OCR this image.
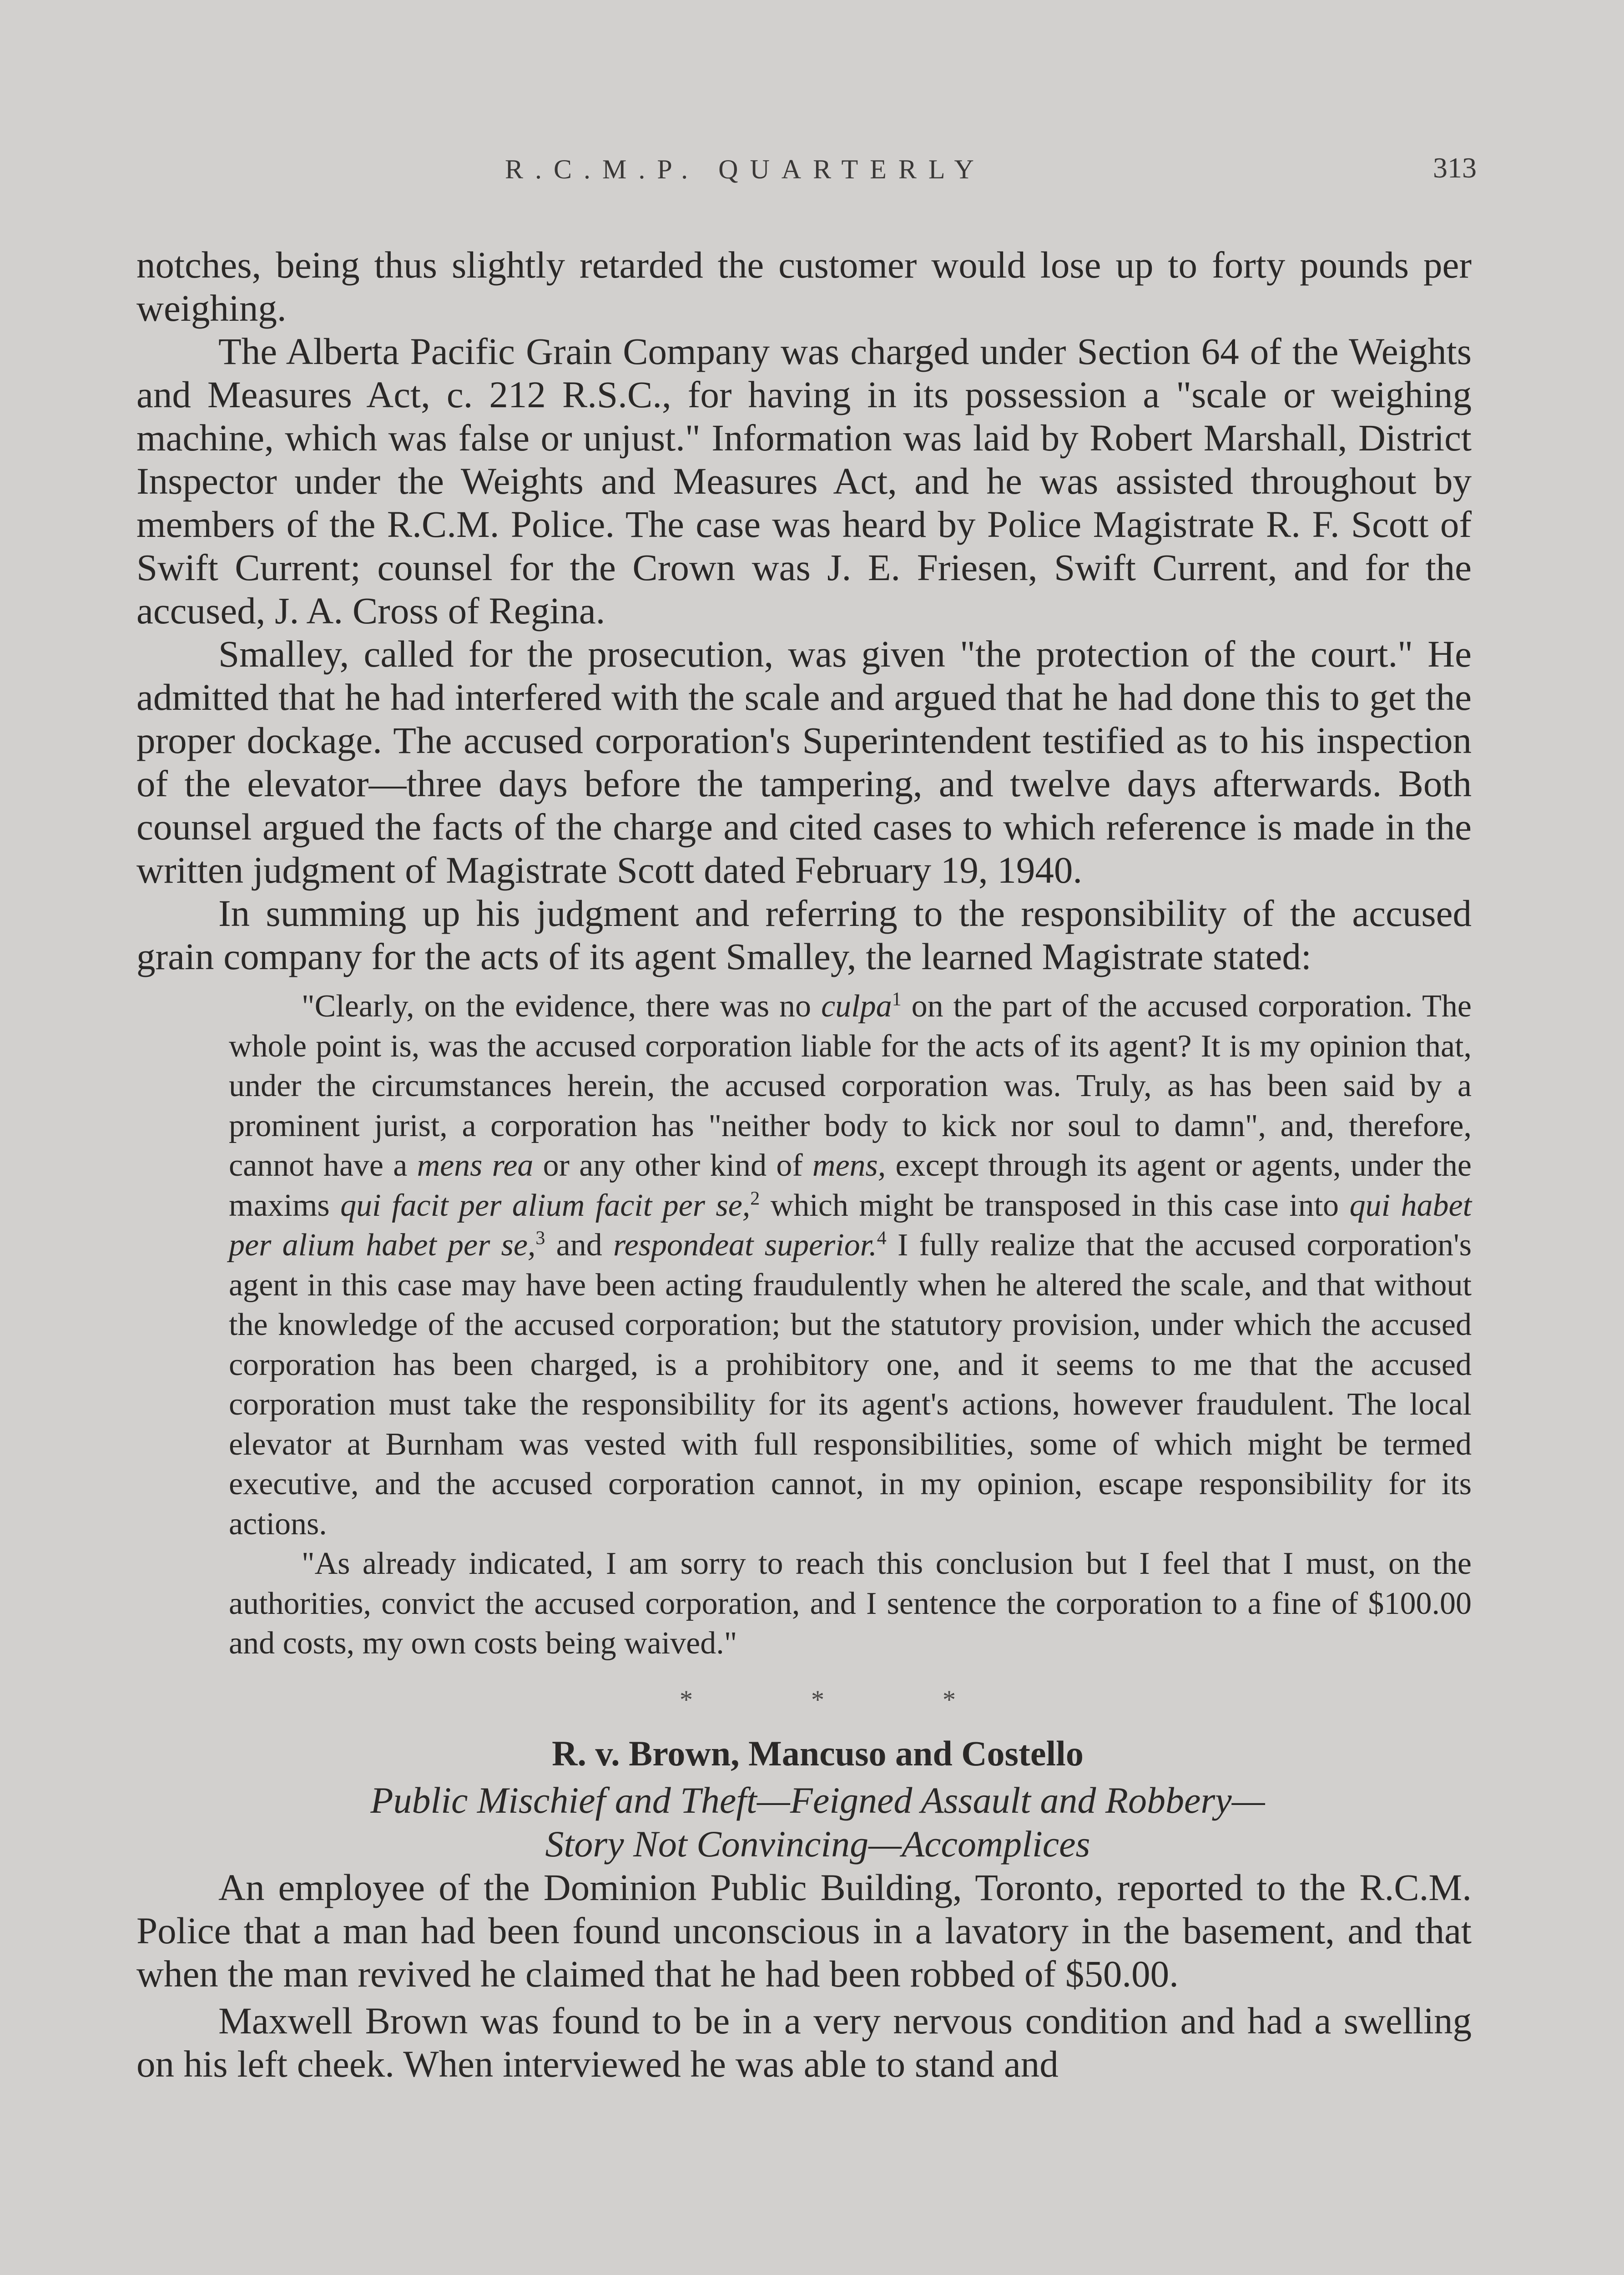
R.C.M.P. QUARTERLY	313

notches, being thus slightly retarded the customer would lose up to forty pounds per weighing.

The Alberta Pacific Grain Company was charged under Section 64 of the Weights and Measures Act, c. 212 R.S.C., for having in its possession a "scale or weighing machine, which was false or unjust." Information was laid by Robert Marshall, District Inspector under the Weights and Measures Act, and he was assisted throughout by members of the R.C.M. Police. The case was heard by Police Magistrate R. F. Scott of Swift Current; counsel for the Crown was J. E. Friesen, Swift Current, and for the accused, J. A. Cross of Regina.

Smalley, called for the prosecution, was given "the protection of the court." He admitted that he had interfered with the scale and argued that he had done this to get the proper dockage. The accused corporation's Superintendent testified as to his inspection of the elevator—three days before the tampering, and twelve days afterwards. Both counsel argued the facts of the charge and cited cases to which reference is made in the written judgment of Magistrate Scott dated February 19, 1940.

In summing up his judgment and referring to the responsibility of the accused grain company for the acts of its agent Smalley, the learned Magistrate stated:

"Clearly, on the evidence, there was no culpa$^1$ on the part of the accused corporation. The whole point is, was the accused corporation liable for the acts of its agent? It is my opinion that, under the circumstances herein, the accused corporation was. Truly, as has been said by a prominent jurist, a corporation has "neither body to kick nor soul to damn", and, therefore, cannot have a mens rea or any other kind of mens, except through its agent or agents, under the maxims qui facit per alium facit per se,$^2$ which might be transposed in this case into qui habet per alium habet per se,$^3$ and respondeat superior.$^4$ I fully realize that the accused corporation's agent in this case may have been acting fraudulently when he altered the scale, and that without the knowledge of the accused corporation; but the statutory provision, under which the accused corporation has been charged, is a prohibitory one, and it seems to me that the accused corporation must take the responsibility for its agent's actions, however fraudulent. The local elevator at Burnham was vested with full responsibilities, some of which might be termed executive, and the accused corporation cannot, in my opinion, escape responsibility for its actions.

"As already indicated, I am sorry to reach this conclusion but I feel that I must, on the authorities, convict the accused corporation, and I sentence the corporation to a fine of $100.00 and costs, my own costs being waived."

*	*	*

R. v. Brown, Mancuso and Costello

Public Mischief and Theft—Feigned Assault and Robbery—

Story Not Convincing—Accomplices

An employee of the Dominion Public Building, Toronto, reported to the R.C.M. Police that a man had been found unconscious in a lavatory in the basement, and that when the man revived he claimed that he had been robbed of $50.00.

Maxwell Brown was found to be in a very nervous condition and had a swelling on his left cheek. When interviewed he was able to stand and
